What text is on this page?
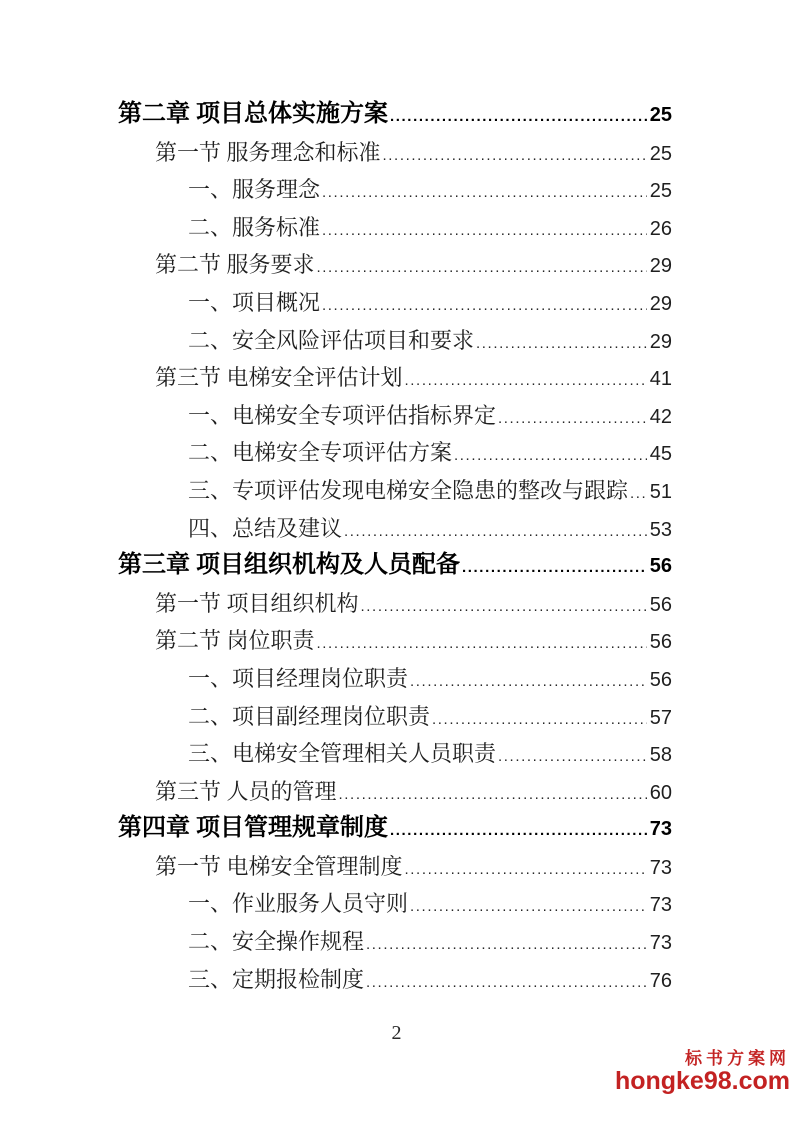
第二章 项目总体实施方案 .....	25
第一节 服务理念和标准 .....	25
一、服务理念 .....	25
二、服务标准 .....	26
第二节 服务要求 .....	29
一、项目概况 .....	29
二、安全风险评估项目和要求 .....	29
第三节 电梯安全评估计划 .....	41
一、电梯安全专项评估指标界定 .....	42
二、电梯安全专项评估方案 .....	45
三、专项评估发现电梯安全隐患的整改与跟踪 ..... 51
四、总结及建议 .....	53
第三章 项目组织机构及人员配备 .....	56
第一节 项目组织机构 .....	56
第二节 岗位职责 .....	56
一、项目经理岗位职责 .....	56
二、项目副经理岗位职责 .....	57
三、电梯安全管理相关人员职责 .....	58
第三节 人员的管理 .....	60
第四章 项目管理规章制度 .....	73
第一节 电梯安全管理制度 .....	73
一、作业服务人员守则 .....	73
二、安全操作规程 .....	73
三、定期报检制度 .....	76
2
标书方案网
hongke98.com
